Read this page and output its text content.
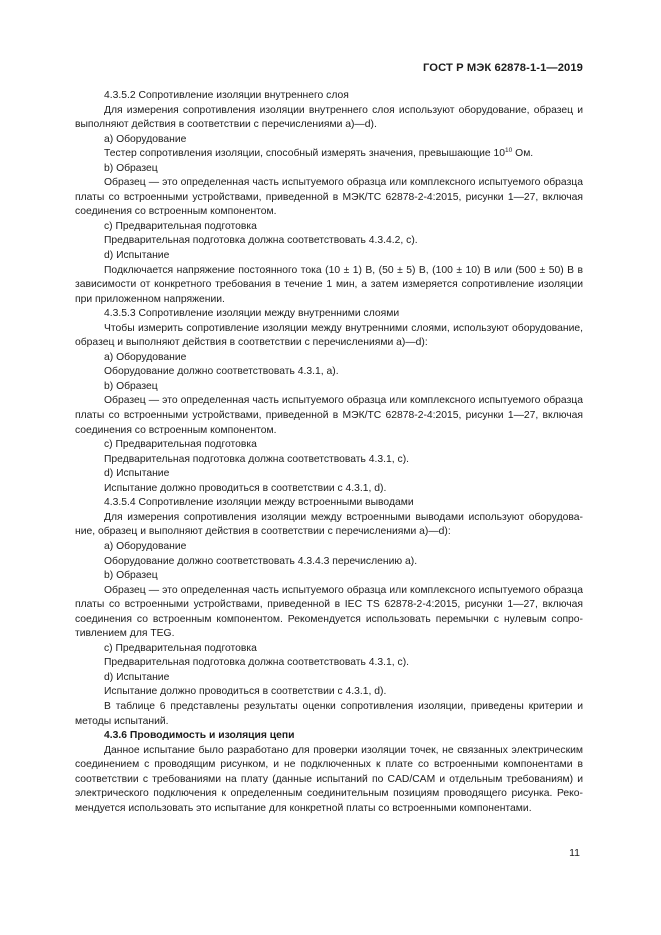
ГОСТ Р МЭК 62878-1-1—2019

4.3.5.2 Сопротивление изоляции внутреннего слоя

Для измерения сопротивления изоляции внутреннего слоя используют оборудование, образец и выполняют действия в соответствии с перечислениями a)—d).

a) Оборудование

Тестер сопротивления изоляции, способный измерять значения, превышающие $10^{10}$ Ом.

b) Образец

Образец — это определенная часть испытуемого образца или комплексного испытуемого образца платы со встроенными устройствами, приведенной в МЭК/ТС 62878-2-4:2015, рисунки 1—27, включая соединения со встроенным компонентом.

c) Предварительная подготовка

Предварительная подготовка должна соответствовать 4.3.4.2, c).

d) Испытание

Подключается напряжение постоянного тока (10 ± 1) В, (50 ± 5) В, (100 ± 10) В или (500 ± 50) В в зависимости от конкретного требования в течение 1 мин, а затем измеряется сопротивление изоляции при приложенном напряжении.

4.3.5.3 Сопротивление изоляции между внутренними слоями

Чтобы измерить сопротивление изоляции между внутренними слоями, используют оборудование, образец и выполняют действия в соответствии с перечислениями a)—d):

a) Оборудование

Оборудование должно соответствовать 4.3.1, a).

b) Образец

Образец — это определенная часть испытуемого образца или комплексного испытуемого образца платы со встроенными устройствами, приведенной в МЭК/ТС 62878-2-4:2015, рисунки 1—27, включая соединения со встроенным компонентом.

c) Предварительная подготовка

Предварительная подготовка должна соответствовать 4.3.1, c).

d) Испытание

Испытание должно проводиться в соответствии с 4.3.1, d).

4.3.5.4 Сопротивление изоляции между встроенными выводами

Для измерения сопротивления изоляции между встроенными выводами используют оборудова-ние, образец и выполняют действия в соответствии с перечислениями a)—d):

a) Оборудование

Оборудование должно соответствовать 4.3.4.3 перечислению a).

b) Образец

Образец — это определенная часть испытуемого образца или комплексного испытуемого образца платы со встроенными устройствами, приведенной в IEC TS 62878-2-4:2015, рисунки 1—27, включая соединения со встроенным компонентом. Рекомендуется использовать перемычки с нулевым сопро-тивлением для TEG.

c) Предварительная подготовка

Предварительная подготовка должна соответствовать 4.3.1, c).

d) Испытание

Испытание должно проводиться в соответствии с 4.3.1, d).

В таблице 6 представлены результаты оценки сопротивления изоляции, приведены критерии и методы испытаний.

4.3.6 Проводимость и изоляция цепи

Данное испытание было разработано для проверки изоляции точек, не связанных электрическим соединением с проводящим рисунком, и не подключенных к плате со встроенными компонентами в соответствии с требованиями на плату (данные испытаний по CAD/CAM и отдельным требованиям) и электрического подключения к определенным соединительным позициям проводящего рисунка. Реко-мендуется использовать это испытание для конкретной платы со встроенными компонентами.

11
